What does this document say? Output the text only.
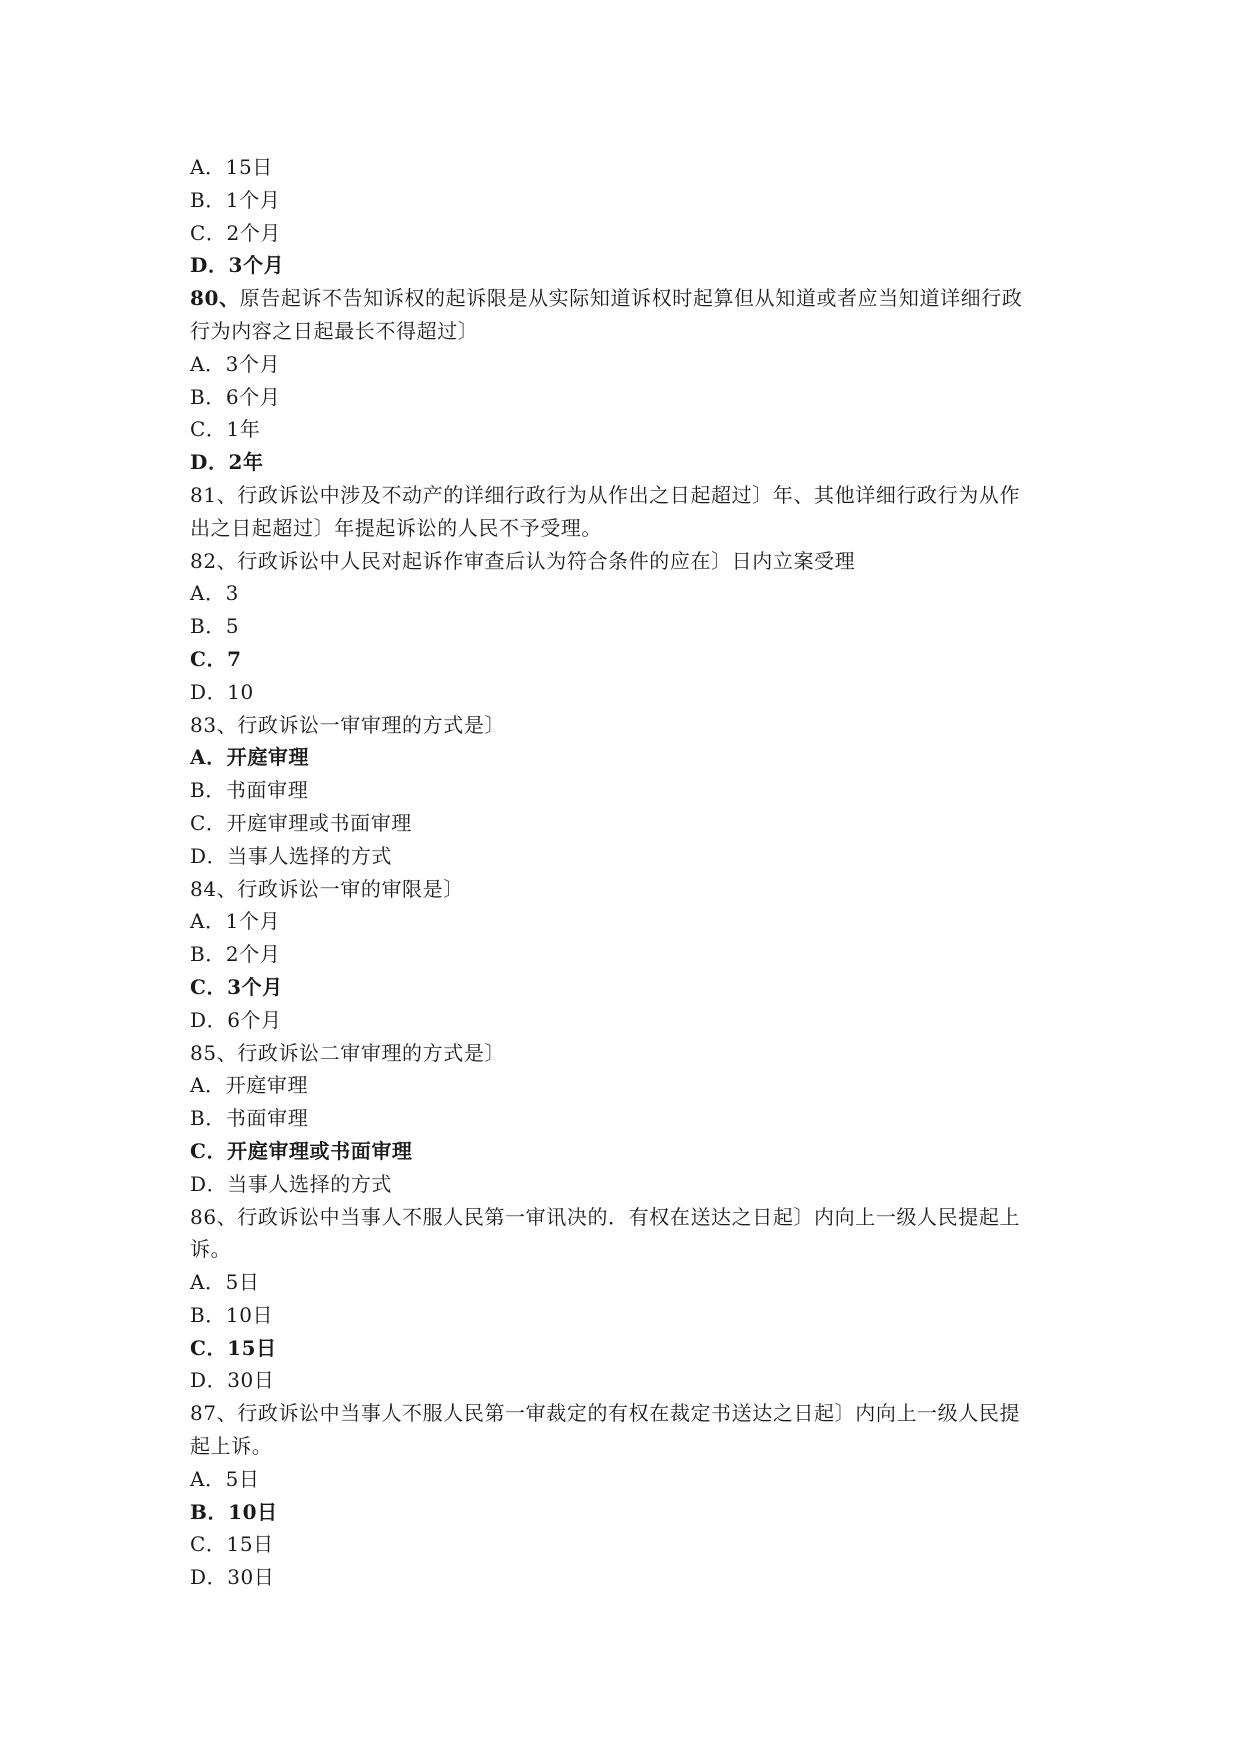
A．15日
B．1个月
C．2个月
D．3个月
80、原告起诉不告知诉权的起诉限是从实际知道诉权时起算但从知道或者应当知道详细行政
行为内容之日起最长不得超过〕
A．3个月
B．6个月
C．1年
D．2年
81、行政诉讼中涉及不动产的详细行政行为从作出之日起超过〕年、其他详细行政行为从作
出之日起超过〕年提起诉讼的人民不予受理。
82、行政诉讼中人民对起诉作审查后认为符合条件的应在〕日内立案受理
A．3
B．5
C．7
D．10
83、行政诉讼一审审理的方式是〕
A．开庭审理
B．书面审理
C．开庭审理或书面审理
D．当事人选择的方式
84、行政诉讼一审的审限是〕
A．1个月
B．2个月
C．3个月
D．6个月
85、行政诉讼二审审理的方式是〕
A．开庭审理
B．书面审理
C．开庭审理或书面审理
D．当事人选择的方式
86、行政诉讼中当事人不服人民第一审讯决的．有权在送达之日起〕内向上一级人民提起上
诉。
A．5日
B．10日
C．15日
D．30日
87、行政诉讼中当事人不服人民第一审裁定的有权在裁定书送达之日起〕内向上一级人民提
起上诉。
A．5日
B．10日
C．15日
D．30日
